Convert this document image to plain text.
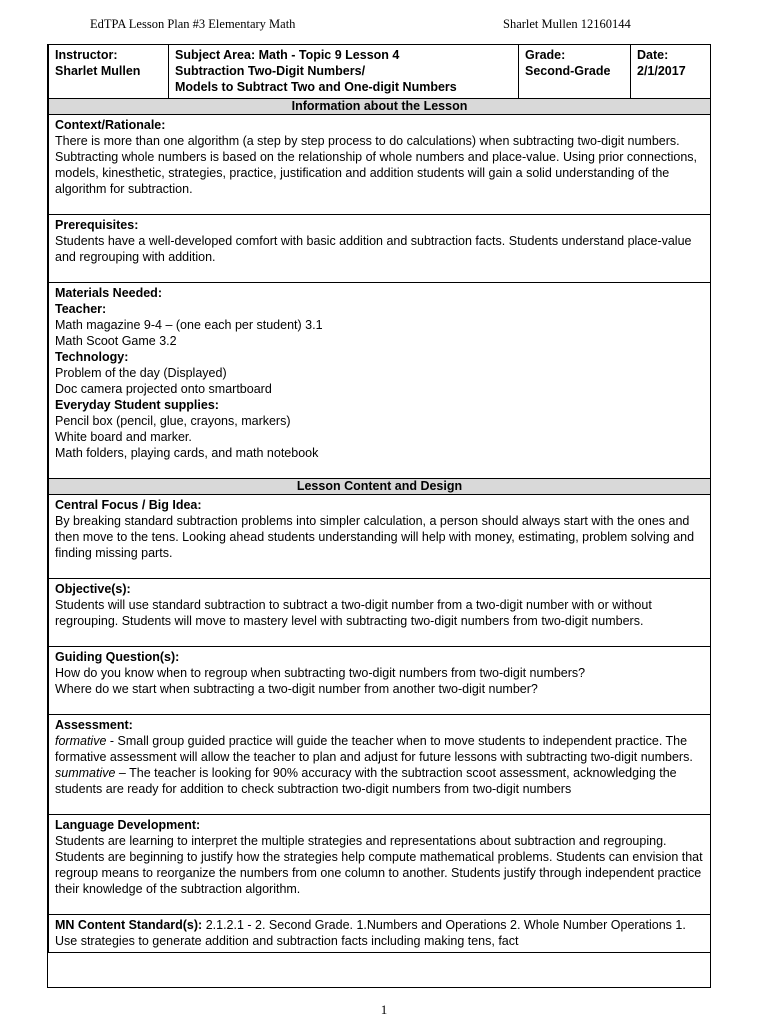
EdTPA Lesson Plan #3 Elementary Math	Sharlet Mullen 12160144
Instructor:
Sharlet Mullen

Subject Area: Math - Topic 9 Lesson 4
Subtraction Two-Digit Numbers/
Models to Subtract Two and One-digit Numbers

Grade:
Second-Grade

Date:
2/1/2017

Information about the Lesson

Context/Rationale:
There is more than one algorithm (a step by step process to do calculations) when subtracting two-digit numbers. Subtracting whole numbers is based on the relationship of whole numbers and place-value. Using prior connections, models, kinesthetic, strategies, practice, justification and addition students will gain a solid understanding of the algorithm for subtraction.

Prerequisites:
Students have a well-developed comfort with basic addition and subtraction facts. Students understand place-value and regrouping with addition.

Materials Needed:
Teacher:
Math magazine 9-4 – (one each per student) 3.1
Math Scoot Game 3.2
Technology:
Problem of the day (Displayed)
Doc camera projected onto smartboard
Everyday Student supplies:
Pencil box (pencil, glue, crayons, markers)
White board and marker.
Math folders, playing cards, and math notebook

Lesson Content and Design

Central Focus / Big Idea:
By breaking standard subtraction problems into simpler calculation, a person should always start with the ones and then move to the tens. Looking ahead students understanding will help with money, estimating, problem solving and finding missing parts.

Objective(s):
Students will use standard subtraction to subtract a two-digit number from a two-digit number with or without regrouping. Students will move to mastery level with subtracting two-digit numbers from two-digit numbers.

Guiding Question(s):
How do you know when to regroup when subtracting two-digit numbers from two-digit numbers?
Where do we start when subtracting a two-digit number from another two-digit number?

Assessment:
formative - Small group guided practice will guide the teacher when to move students to independent practice. The formative assessment will allow the teacher to plan and adjust for future lessons with subtracting two-digit numbers.
summative – The teacher is looking for 90% accuracy with the subtraction scoot assessment, acknowledging the students are ready for addition to check subtraction two-digit numbers from two-digit numbers

Language Development:
Students are learning to interpret the multiple strategies and representations about subtraction and regrouping. Students are beginning to justify how the strategies help compute mathematical problems. Students can envision that regroup means to reorganize the numbers from one column to another. Students justify through independent practice their knowledge of the subtraction algorithm.

MN Content Standard(s): 2.1.2.1 - 2. Second Grade. 1.Numbers and Operations 2. Whole Number Operations 1. Use strategies to generate addition and subtraction facts including making tens, fact
1
